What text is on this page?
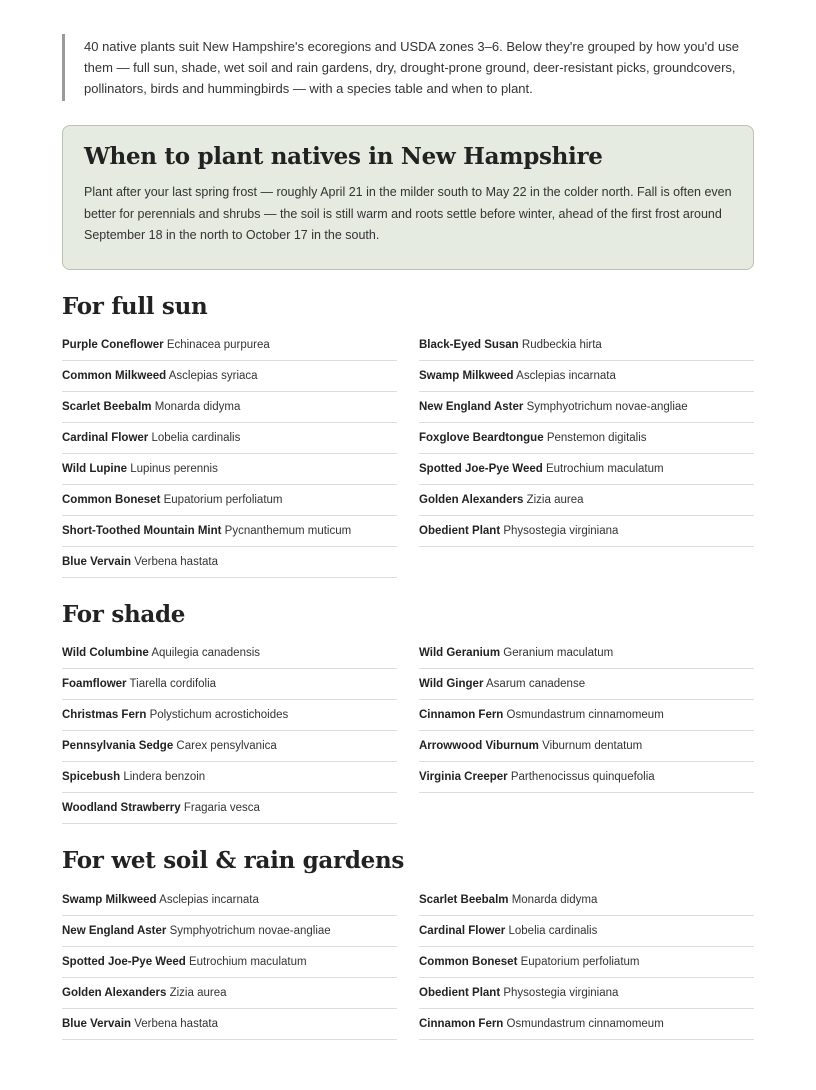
40 native plants suit New Hampshire's ecoregions and USDA zones 3–6. Below they're grouped by how you'd use them — full sun, shade, wet soil and rain gardens, dry, drought-prone ground, deer-resistant picks, groundcovers, pollinators, birds and hummingbirds — with a species table and when to plant.
When to plant natives in New Hampshire

Plant after your last spring frost — roughly April 21 in the milder south to May 22 in the colder north. Fall is often even better for perennials and shrubs — the soil is still warm and roots settle before winter, ahead of the first frost around September 18 in the north to October 17 in the south.

For full sun
Purple Coneflower Echinacea purpurea
Common Milkweed Asclepias syriaca
Scarlet Beebalm Monarda didyma
Cardinal Flower Lobelia cardinalis
Wild Lupine Lupinus perennis
Common Boneset Eupatorium perfoliatum
Short-Toothed Mountain Mint Pycnanthemum muticum
Blue Vervain Verbena hastata
Black-Eyed Susan Rudbeckia hirta
Swamp Milkweed Asclepias incarnata
New England Aster Symphyotrichum novae-angliae
Foxglove Beardtongue Penstemon digitalis
Spotted Joe-Pye Weed Eutrochium maculatum
Golden Alexanders Zizia aurea
Obedient Plant Physostegia virginiana
For shade
Wild Columbine Aquilegia canadensis
Foamflower Tiarella cordifolia
Christmas Fern Polystichum acrostichoides
Pennsylvania Sedge Carex pensylvanica
Spicebush Lindera benzoin
Woodland Strawberry Fragaria vesca
Wild Geranium Geranium maculatum
Wild Ginger Asarum canadense
Cinnamon Fern Osmundastrum cinnamomeum
Arrowwood Viburnum Viburnum dentatum
Virginia Creeper Parthenocissus quinquefolia
For wet soil & rain gardens
Swamp Milkweed Asclepias incarnata
New England Aster Symphyotrichum novae-angliae
Spotted Joe-Pye Weed Eutrochium maculatum
Golden Alexanders Zizia aurea
Blue Vervain Verbena hastata
Scarlet Beebalm Monarda didyma
Cardinal Flower Lobelia cardinalis
Common Boneset Eupatorium perfoliatum
Obedient Plant Physostegia virginiana
Cinnamon Fern Osmundastrum cinnamomeum
